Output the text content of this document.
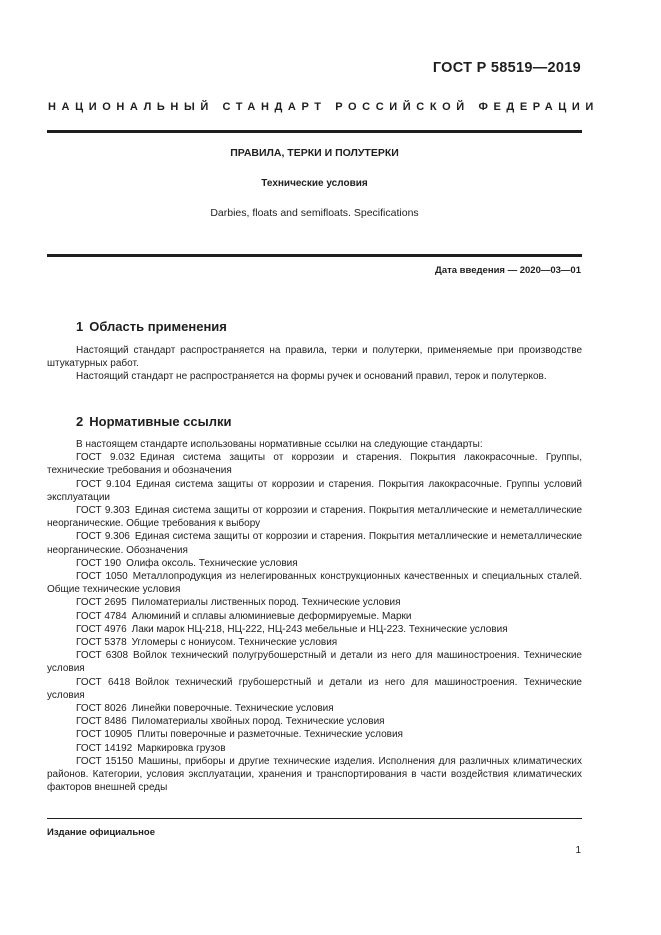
ГОСТ Р 58519—2019
НАЦИОНАЛЬНЫЙ СТАНДАРТ РОССИЙСКОЙ ФЕДЕРАЦИИ
ПРАВИЛА, ТЕРКИ И ПОЛУТЕРКИ
Технические условия
Darbies, floats and semifloats. Specifications
Дата введения — 2020—03—01
1 Область применения
Настоящий стандарт распространяется на правила, терки и полутерки, применяемые при производстве штукатурных работ.
Настоящий стандарт не распространяется на формы ручек и оснований правил, терок и полутерков.
2 Нормативные ссылки

В настоящем стандарте использованы нормативные ссылки на следующие стандарты:

ГОСТ 9.032 Единая система защиты от коррозии и старения. Покрытия лакокрасочные. Группы, технические требования и обозначения

ГОСТ 9.104 Единая система защиты от коррозии и старения. Покрытия лакокрасочные. Группы условий эксплуатации

ГОСТ 9.303 Единая система защиты от коррозии и старения. Покрытия металлические и неметаллические неорганические. Общие требования к выбору

ГОСТ 9.306 Единая система защиты от коррозии и старения. Покрытия металлические и неметаллические неорганические. Обозначения

ГОСТ 190 Олифа оксоль. Технические условия

ГОСТ 1050 Металлопродукция из нелегированных конструкционных качественных и специальных сталей. Общие технические условия

ГОСТ 2695 Пиломатериалы лиственных пород. Технические условия

ГОСТ 4784 Алюминий и сплавы алюминиевые деформируемые. Марки

ГОСТ 4976 Лаки марок НЦ-218, НЦ-222, НЦ-243 мебельные и НЦ-223. Технические условия

ГОСТ 5378 Угломеры с нониусом. Технические условия

ГОСТ 6308 Войлок технический полугрубошерстный и детали из него для машиностроения. Технические условия

ГОСТ 6418 Войлок технический грубошерстный и детали из него для машиностроения. Технические условия

ГОСТ 8026 Линейки поверочные. Технические условия

ГОСТ 8486 Пиломатериалы хвойных пород. Технические условия

ГОСТ 10905 Плиты поверочные и разметочные. Технические условия

ГОСТ 14192 Маркировка грузов

ГОСТ 15150 Машины, приборы и другие технические изделия. Исполнения для различных климатических районов. Категории, условия эксплуатации, хранения и транспортирования в части воздействия климатических факторов внешней среды

Издание официальное
1
